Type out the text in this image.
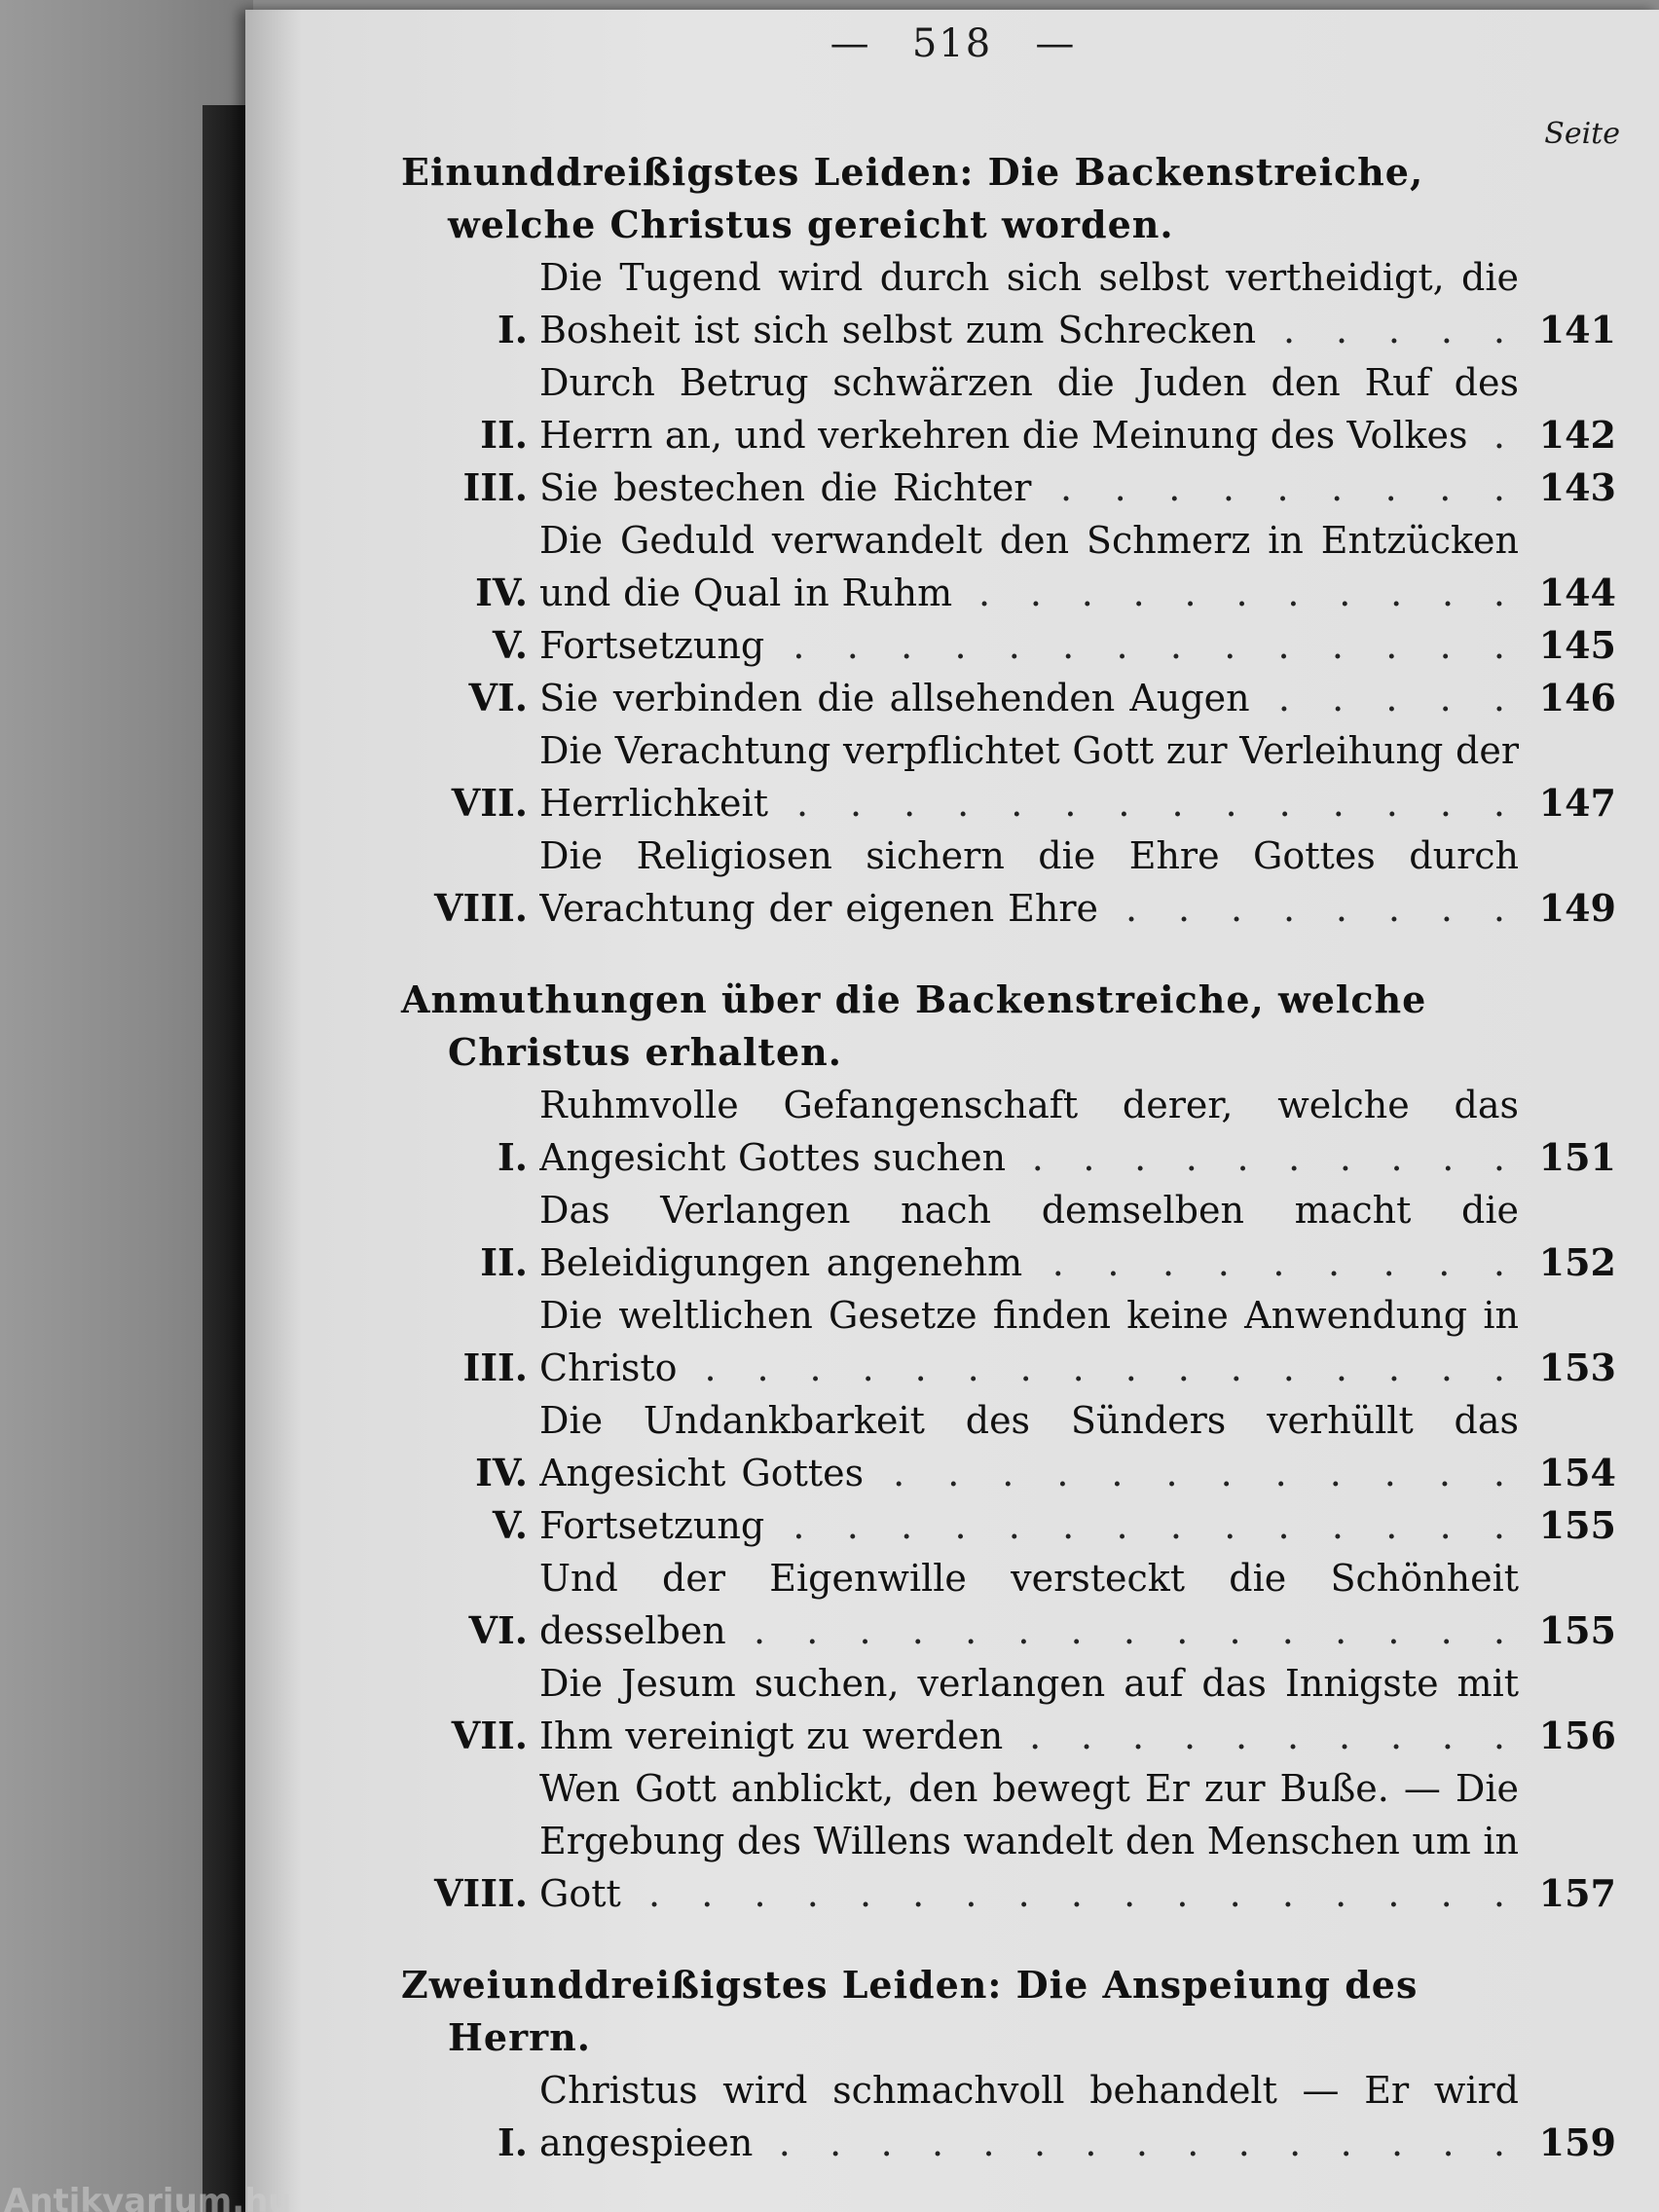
— 518 —
Seite
Einunddreißigstes Leiden: Die Backenstreiche, welche Christus gereicht worden.
I.
Die Tugend wird durch sich selbst vertheidigt, die Bosheit ist sich selbst zum Schrecken . . . . . 141
II.
Durch Betrug schwärzen die Juden den Ruf des Herrn an, und verkehren die Meinung des Volkes . 142
III. Sie bestechen die Richter . . . . . . . . . 143
IV.
Die Geduld verwandelt den Schmerz in Entzücken und die Qual in Ruhm . . . . . . . . . . . 144
V. Fortsetzung . . . . . . . . . . . . . . 145
VI. Sie verbinden die allsehenden Augen . . . . . 146
VII.
Die Verachtung verpflichtet Gott zur Verleihung der Herrlichkeit . . . . . . . . . . . . . . 147
VIII.
Die Religiosen sichern die Ehre Gottes durch Verachtung der eigenen Ehre . . . . . . . . 149
Anmuthungen über die Backenstreiche, welche Christus erhalten.
I.
Ruhmvolle Gefangenschaft derer, welche das Angesicht Gottes suchen . . . . . . . . . . 151
II.
Das Verlangen nach demselben macht die Beleidigungen angenehm . . . . . . . . . 152
III.
Die weltlichen Gesetze finden keine Anwendung in Christo . . . . . . . . . . . . . . . . 153
IV.
Die Undankbarkeit des Sünders verhüllt das Angesicht Gottes . . . . . . . . . . . . 154
V. Fortsetzung . . . . . . . . . . . . . . 155
VI.
Und der Eigenwille versteckt die Schönheit desselben . . . . . . . . . . . . . . . 155
VII.
Die Jesum suchen, verlangen auf das Innigste mit Ihm vereinigt zu werden . . . . . . . . . . 156
VIII.
Wen Gott anblickt, den bewegt Er zur Buße. — Die Ergebung des Willens wandelt den Menschen um in Gott . . . . . . . . . . . . . . . . . 157
Zweiunddreißigstes Leiden: Die Anspeiung des Herrn.
I.
Christus wird schmachvoll behandelt — Er wird angespieen . . . . . . . . . . . . . . . 159
Antikvarium.hu
